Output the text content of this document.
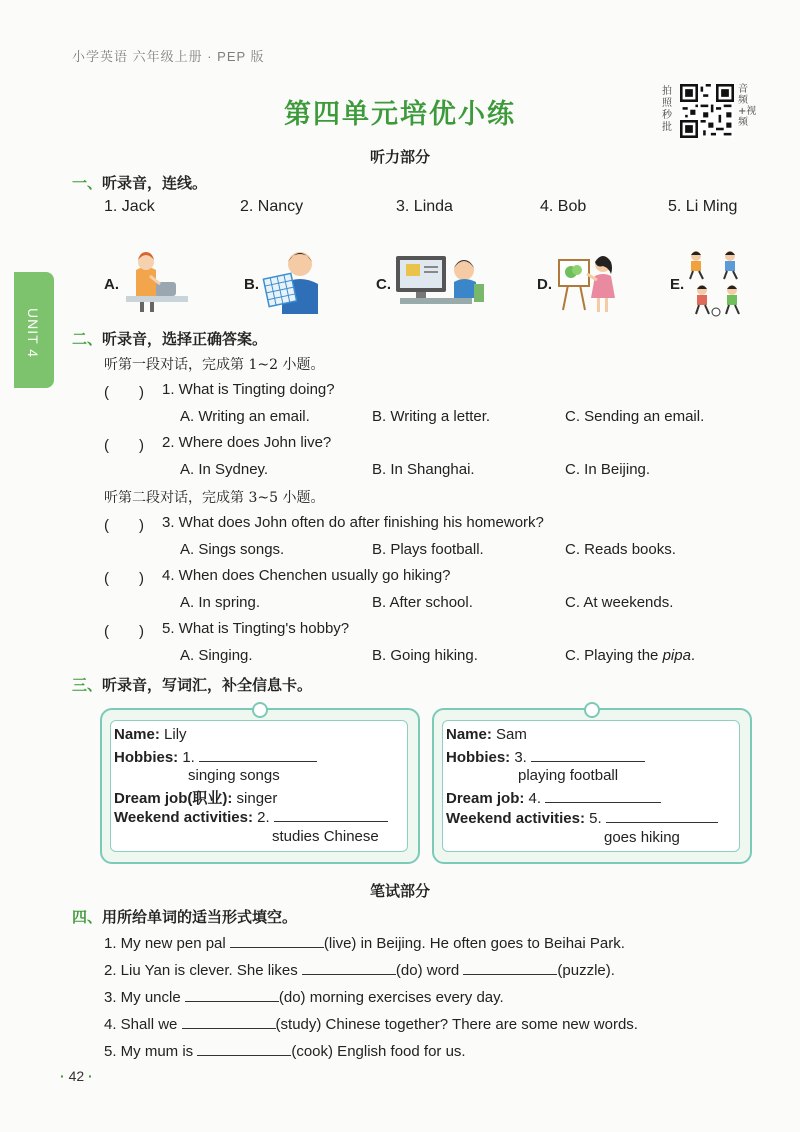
小学英语 六年级上册 · PEP 版
第四单元培优小练
拍照秒批
音频+视频
UNIT 4
听力部分
一、听录音，连线。
1. Jack	2. Nancy	3. Linda	4. Bob	5. Li Ming
A.	B.	C.	D.	E.
二、听录音，选择正确答案。
听第一段对话，完成第 1~2 小题。
(　　) 1. What is Tingting doing?
A. Writing an email.	B. Writing a letter.	C. Sending an email.
(　　) 2. Where does John live?
A. In Sydney.	B. In Shanghai.	C. In Beijing.
听第二段对话，完成第 3~5 小题。
(　　) 3. What does John often do after finishing his homework?
A. Sings songs.	B. Plays football.	C. Reads books.
(　　) 4. When does Chenchen usually go hiking?
A. In spring.	B. After school.	C. At weekends.
(　　) 5. What is Tingting's hobby?
A. Singing.	B. Going hiking.	C. Playing the pipa.
三、听录音，写词汇，补全信息卡。
Name: Lily
Hobbies: 1.
singing songs
Dream job(职业): singer
Weekend activities: 2.
studies Chinese
Name: Sam
Hobbies: 3.
playing football
Dream job: 4.
Weekend activities: 5.
goes hiking
笔试部分
四、用所给单词的适当形式填空。
1. My new pen pal	(live) in Beijing. He often goes to Beihai Park.
2. Liu Yan is clever. She likes	(do) word	(puzzle).
3. My uncle	(do) morning exercises every day.
4. Shall we	(study) Chinese together? There are some new words.
5. My mum is	(cook) English food for us.
· 42 ·
